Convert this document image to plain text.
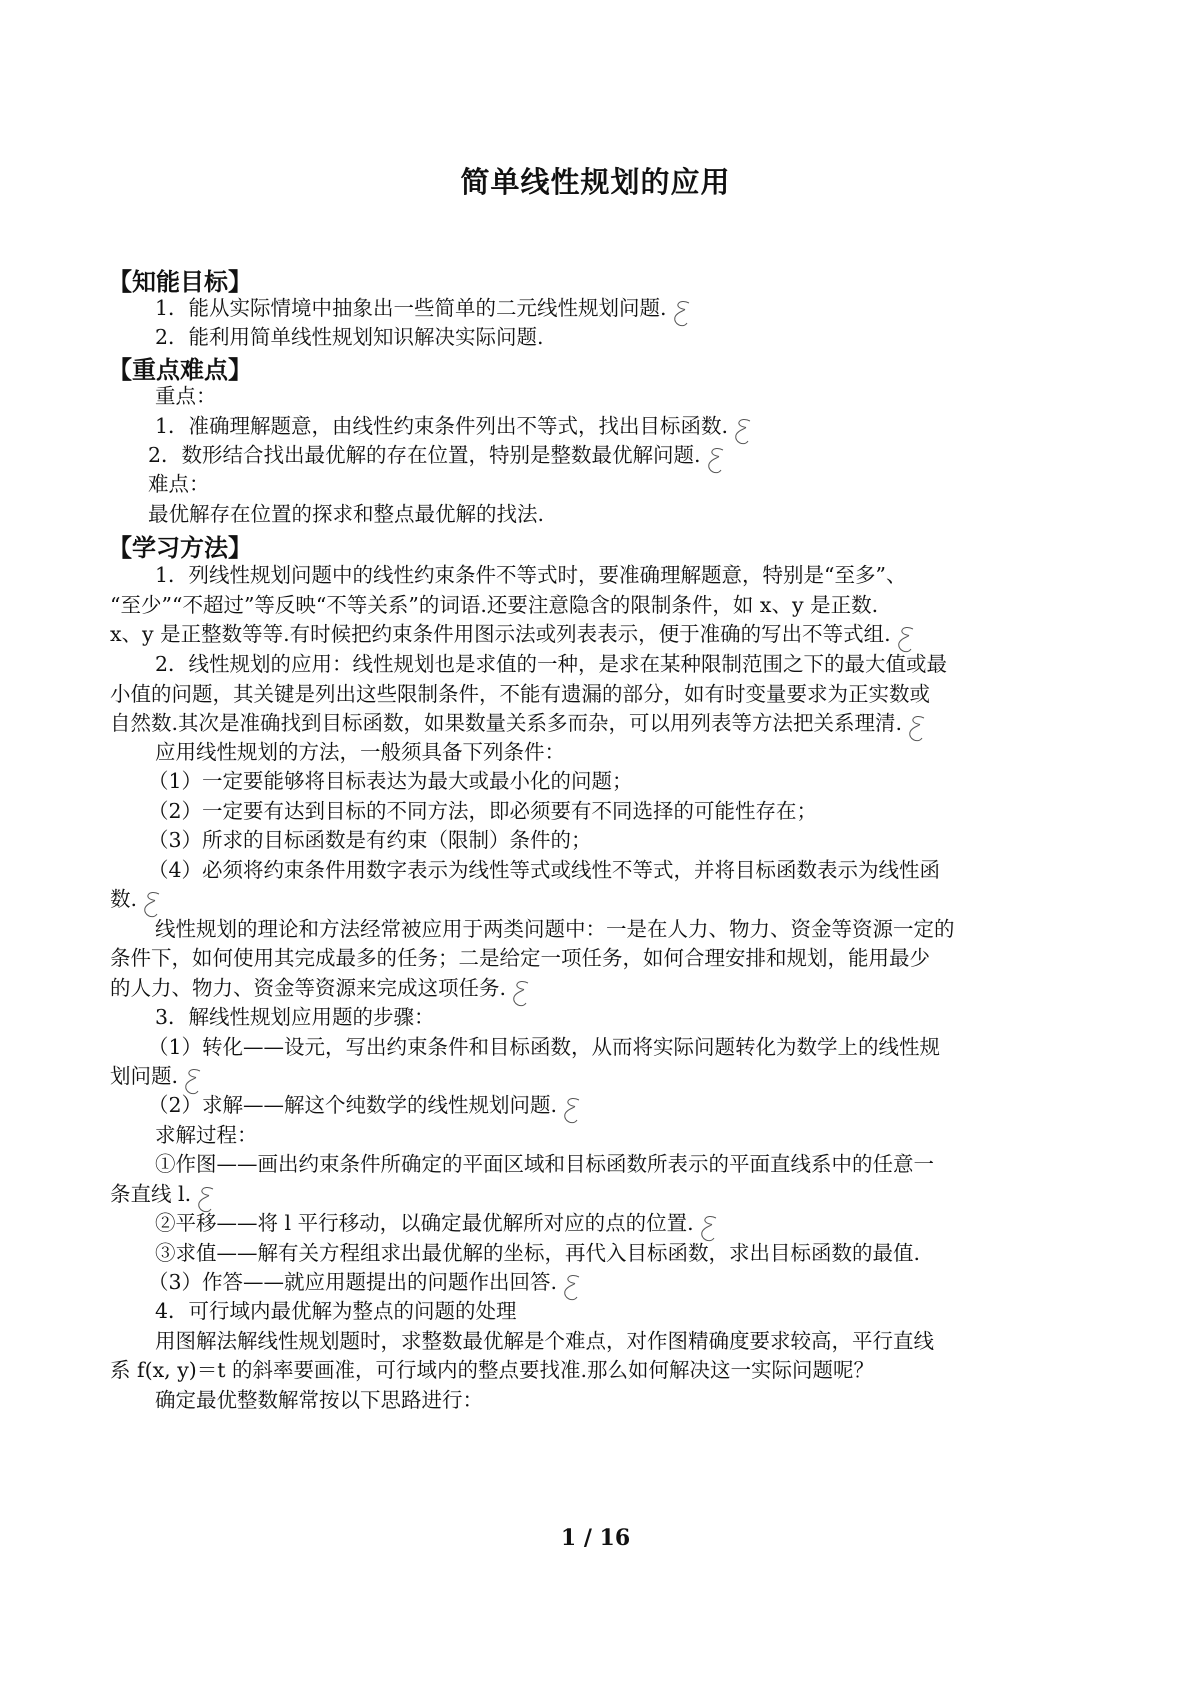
简单线性规划的应用
【知能目标】
1．能从实际情境中抽象出一些简单的二元线性规划问题.
2．能利用简单线性规划知识解决实际问题.
【重点难点】
重点：
1．准确理解题意，由线性约束条件列出不等式，找出目标函数.
2．数形结合找出最优解的存在位置，特别是整数最优解问题.
难点：
最优解存在位置的探求和整点最优解的找法.
【学习方法】
1．列线性规划问题中的线性约束条件不等式时，要准确理解题意，特别是“至多”、
“至少”“不超过”等反映“不等关系”的词语.还要注意隐含的限制条件，如 x、y 是正数.
x、y 是正整数等等.有时候把约束条件用图示法或列表表示，便于准确的写出不等式组.
2．线性规划的应用：线性规划也是求值的一种，是求在某种限制范围之下的最大值或最
小值的问题，其关键是列出这些限制条件，不能有遗漏的部分，如有时变量要求为正实数或
自然数.其次是准确找到目标函数，如果数量关系多而杂，可以用列表等方法把关系理清.
应用线性规划的方法，一般须具备下列条件：
（1）一定要能够将目标表达为最大或最小化的问题；
（2）一定要有达到目标的不同方法，即必须要有不同选择的可能性存在；
（3）所求的目标函数是有约束（限制）条件的；
（4）必须将约束条件用数字表示为线性等式或线性不等式，并将目标函数表示为线性函
数.
线性规划的理论和方法经常被应用于两类问题中：一是在人力、物力、资金等资源一定的
条件下，如何使用其完成最多的任务；二是给定一项任务，如何合理安排和规划，能用最少
的人力、物力、资金等资源来完成这项任务.
3．解线性规划应用题的步骤：
（1）转化——设元，写出约束条件和目标函数，从而将实际问题转化为数学上的线性规
划问题.
（2）求解——解这个纯数学的线性规划问题.
求解过程：
①作图——画出约束条件所确定的平面区域和目标函数所表示的平面直线系中的任意一
条直线 l.
②平移——将 l 平行移动，以确定最优解所对应的点的位置.
③求值——解有关方程组求出最优解的坐标，再代入目标函数，求出目标函数的最值.
（3）作答——就应用题提出的问题作出回答.
4．可行域内最优解为整点的问题的处理
用图解法解线性规划题时，求整数最优解是个难点，对作图精确度要求较高，平行直线
系 f(x, y)＝t 的斜率要画准，可行域内的整点要找准.那么如何解决这一实际问题呢？
确定最优整数解常按以下思路进行：
1 / 16
